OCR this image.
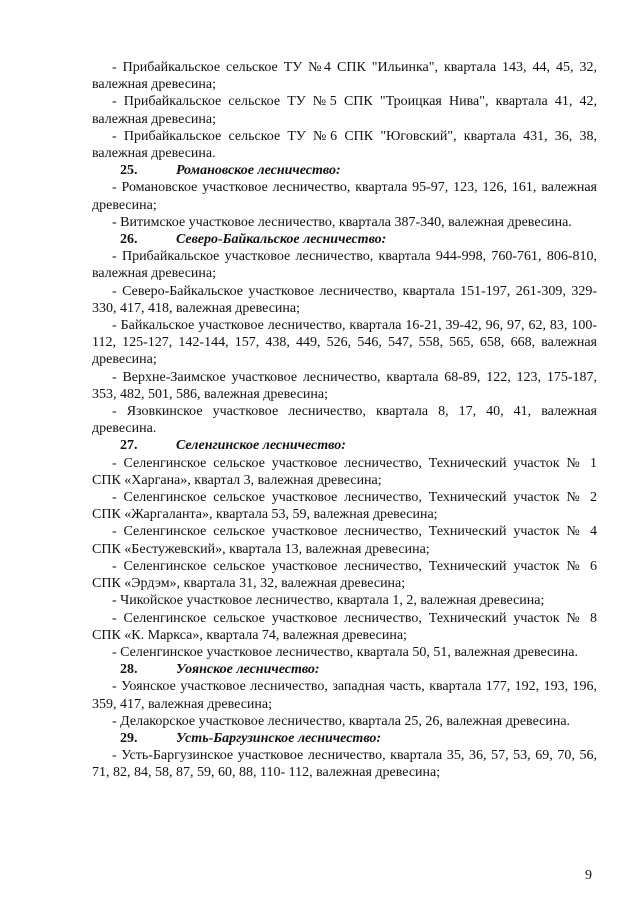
- Прибайкальское сельское ТУ №4 СПК "Ильинка", квартала 143, 44, 45, 32, валежная древесина;

- Прибайкальское сельское ТУ №5 СПК "Троицкая Нива", квартала 41, 42, валежная древесина;

- Прибайкальское сельское ТУ №6 СПК "Юговский", квартала 431, 36, 38, валежная древесина.

25.	Романовское лесничество:

- Романовское участковое лесничество, квартала 95-97, 123, 126, 161, валежная древесина;

- Витимское участковое лесничество, квартала 387-340, валежная древесина.

26.	Северо-Байкальское лесничество:

- Прибайкальское участковое лесничество, квартала 944-998, 760-761, 806-810, валежная древесина;

- Северо-Байкальское участковое лесничество, квартала 151-197, 261-309, 329-330, 417, 418, валежная древесина;

- Байкальское участковое лесничество, квартала 16-21, 39-42, 96, 97, 62, 83, 100-112, 125-127, 142-144, 157, 438, 449, 526, 546, 547, 558, 565, 658, 668, валежная древесина;

- Верхне-Заимское участковое лесничество, квартала 68-89, 122, 123, 175-187, 353, 482, 501, 586, валежная древесина;

- Язовкинское участковое лесничество, квартала 8, 17, 40, 41, валежная древесина.

27.	Селенгинское лесничество:

- Селенгинское сельское участковое лесничество, Технический участок № 1 СПК «Харгана», квартал 3, валежная древесина;

- Селенгинское сельское участковое лесничество, Технический участок № 2 СПК «Жаргаланта», квартала 53, 59, валежная древесина;

- Селенгинское сельское участковое лесничество, Технический участок № 4 СПК «Бестужевский», квартала 13, валежная древесина;

- Селенгинское сельское участковое лесничество, Технический участок № 6 СПК «Эрдэм», квартала 31, 32, валежная древесина;

- Чикойское участковое лесничество, квартала 1, 2, валежная древесина;

- Селенгинское сельское участковое лесничество, Технический участок № 8 СПК «К. Маркса», квартала 74, валежная древесина;

- Селенгинское участковое лесничество, квартала 50, 51, валежная древесина.

28.	Уоянское лесничество:

- Уоянское участковое лесничество, западная часть, квартала 177, 192, 193, 196, 359, 417, валежная древесина;

- Делакорское участковое лесничество, квартала 25, 26, валежная древесина.

29.	Усть-Баргузинское лесничество:

- Усть-Баргузинское участковое лесничество, квартала 35, 36, 57, 53, 69, 70, 56, 71, 82, 84, 58, 87, 59, 60, 88, 110- 112, валежная древесина;

9
